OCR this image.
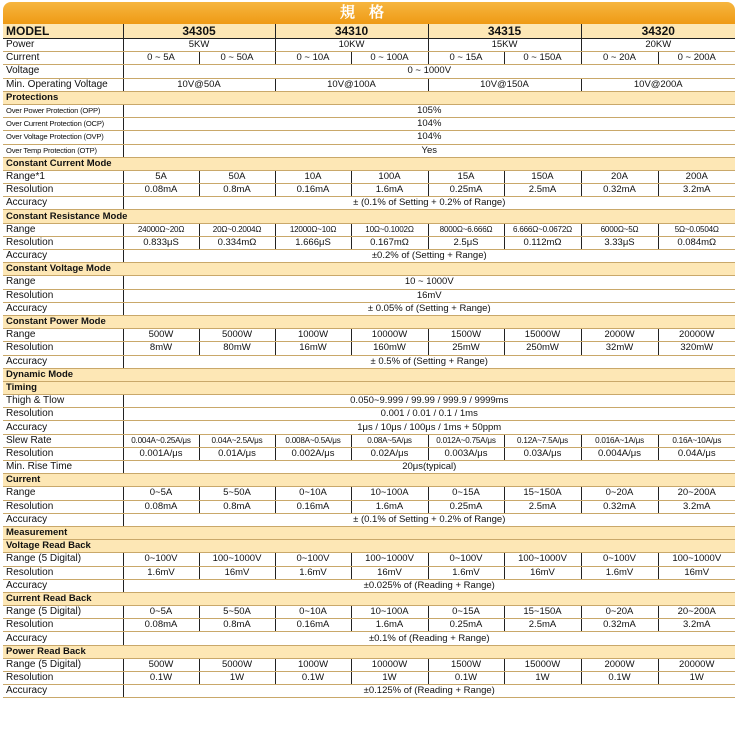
規格
MODEL	34305		34310		34315		34320	
Power	5KW		10KW		15KW		20KW	
Current	0 ~ 5A	0 ~ 50A	0 ~ 10A	0 ~ 100A	0 ~ 15A	0 ~ 150A	0 ~ 20A	0 ~ 200A
Voltage	0 ~ 1000V							
Min. Operating Voltage	10V@50A		10V@100A		10V@150A		10V@200A	
Protections								
Over Power Protection (OPP)	105%							
Over Current Protection (OCP)	104%							
Over Voltage Protection (OVP)	104%							
Over Temp Protection (OTP)	Yes							
Constant Current Mode								
Range*1	5A	50A	10A	100A	15A	150A	20A	200A
Resolution	0.08mA	0.8mA	0.16mA	1.6mA	0.25mA	2.5mA	0.32mA	3.2mA
Accuracy	± (0.1% of Setting + 0.2% of Range)							
Constant Resistance Mode								
Range	24000Ω~20Ω	20Ω~0.2004Ω	12000Ω~10Ω	10Ω~0.1002Ω	8000Ω~6.666Ω	6.666Ω~0.0672Ω	6000Ω~5Ω	5Ω~0.0504Ω
Resolution	0.833μS	0.334mΩ	1.666μS	0.167mΩ	2.5μS	0.112mΩ	3.33μS	0.084mΩ
Accuracy	±0.2% of (Setting + Range)							
Constant Voltage Mode								
Range	10 ~ 1000V							
Resolution	16mV							
Accuracy	± 0.05% of (Setting + Range)							
Constant Power Mode								
Range	500W	5000W	1000W	10000W	1500W	15000W	2000W	20000W
Resolution	8mW	80mW	16mW	160mW	25mW	250mW	32mW	320mW
Accuracy	± 0.5% of (Setting + Range)							
Dynamic Mode								
Timing								
Thigh & Tlow	0.050~9.999 / 99.99 / 999.9 / 9999ms							
Resolution	0.001 / 0.01 / 0.1 / 1ms							
Accuracy	1μs / 10μs / 100μs / 1ms + 50ppm							
Slew Rate	0.004A~0.25A/μs	0.04A~2.5A/μs	0.008A~0.5A/μs	0.08A~5A/μs	0.012A~0.75A/μs	0.12A~7.5A/μs	0.016A~1A/μs	0.16A~10A/μs
Resolution	0.001A/μs	0.01A/μs	0.002A/μs	0.02A/μs	0.003A/μs	0.03A/μs	0.004A/μs	0.04A/μs
Min. Rise Time	20μs(typical)							
Current								
Range	0~5A	5~50A	0~10A	10~100A	0~15A	15~150A	0~20A	20~200A
Resolution	0.08mA	0.8mA	0.16mA	1.6mA	0.25mA	2.5mA	0.32mA	3.2mA
Accuracy	± (0.1% of Setting + 0.2% of Range)							
Measurement								
Voltage Read Back								
Range (5 Digital)	0~100V	100~1000V	0~100V	100~1000V	0~100V	100~1000V	0~100V	100~1000V
Resolution	1.6mV	16mV	1.6mV	16mV	1.6mV	16mV	1.6mV	16mV
Accuracy	±0.025% of (Reading + Range)							
Current Read Back								
Range (5 Digital)	0~5A	5~50A	0~10A	10~100A	0~15A	15~150A	0~20A	20~200A
Resolution	0.08mA	0.8mA	0.16mA	1.6mA	0.25mA	2.5mA	0.32mA	3.2mA
Accuracy	±0.1% of (Reading + Range)							
Power Read Back								
Range (5 Digital)	500W	5000W	1000W	10000W	1500W	15000W	2000W	20000W
Resolution	0.1W	1W	0.1W	1W	0.1W	1W	0.1W	1W
Accuracy	±0.125% of (Reading + Range)							
